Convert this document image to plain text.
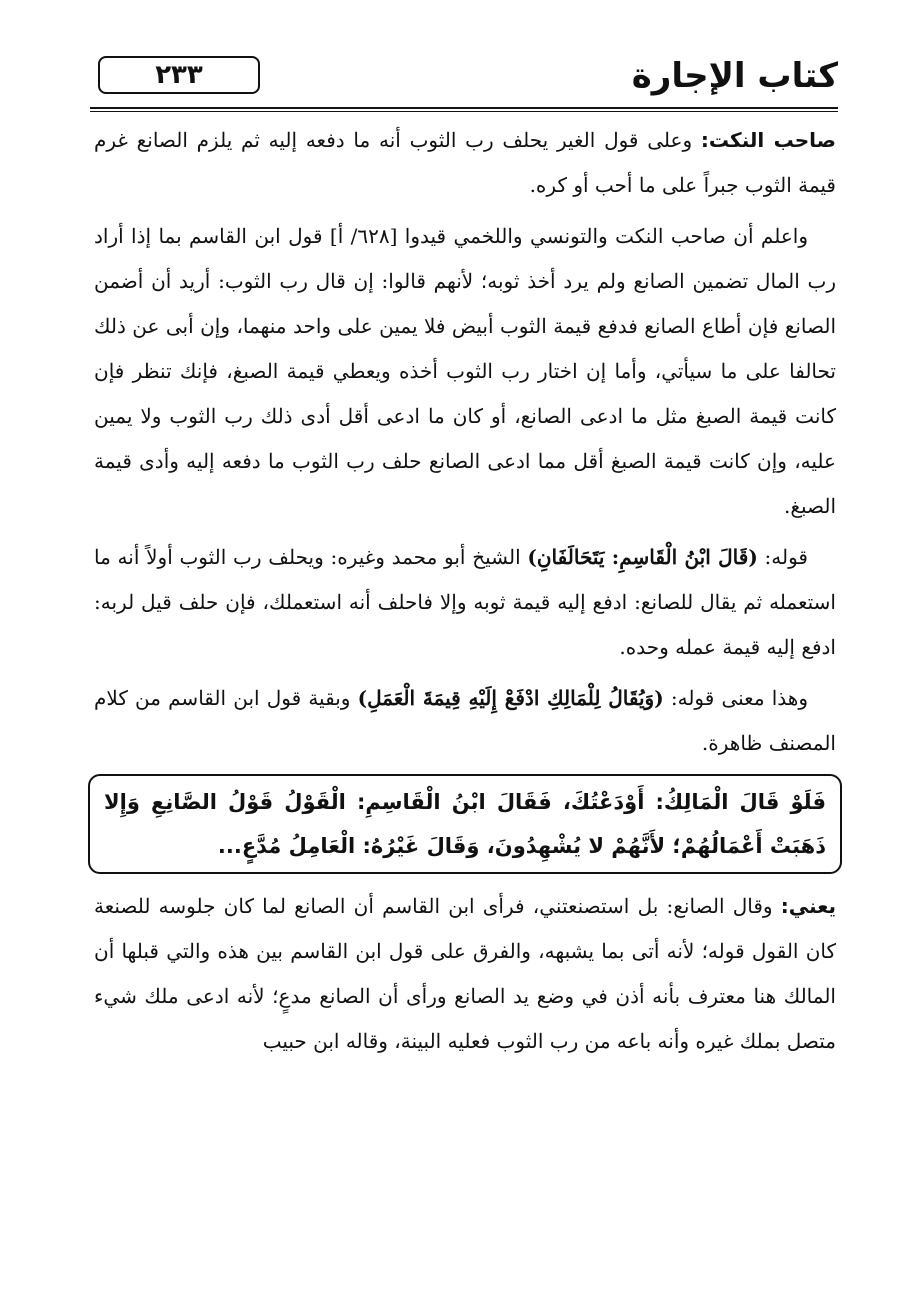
كتاب الإجارة
٢٣٣

صاحب النكت: وعلى قول الغير يحلف رب الثوب أنه ما دفعه إليه ثم يلزم الصانع غرم قيمة الثوب جبراً على ما أحب أو كره.

واعلم أن صاحب النكت والتونسي واللخمي قيدوا [٦٢٨/ أ] قول ابن القاسم بما إذا أراد رب المال تضمين الصانع ولم يرد أخذ ثوبه؛ لأنهم قالوا: إن قال رب الثوب: أريد أن أضمن الصانع فإن أطاع الصانع فدفع قيمة الثوب أبيض فلا يمين على واحد منهما، وإن أبى عن ذلك تحالفا على ما سيأتي، وأما إن اختار رب الثوب أخذه ويعطي قيمة الصبغ، فإنك تنظر فإن كانت قيمة الصبغ مثل ما ادعى الصانع، أو كان ما ادعى أقل أدى ذلك رب الثوب ولا يمين عليه، وإن كانت قيمة الصبغ أقل مما ادعى الصانع حلف رب الثوب ما دفعه إليه وأدى قيمة الصبغ.

قوله: (قَالَ ابْنُ الْقَاسِمِ: يَتَحَالَفَانِ) الشيخ أبو محمد وغيره: ويحلف رب الثوب أولاً أنه ما استعمله ثم يقال للصانع: ادفع إليه قيمة ثوبه وإلا فاحلف أنه استعملك، فإن حلف قيل لربه: ادفع إليه قيمة عمله وحده.

وهذا معنى قوله: (وَيُقَالُ لِلْمَالِكِ ادْفَعْ إِلَيْهِ قِيمَةَ الْعَمَلِ) وبقية قول ابن القاسم من كلام المصنف ظاهرة.

فَلَوْ قَالَ الْمَالِكُ: أَوْدَعْتُكَ، فَقَالَ ابْنُ الْقَاسِمِ: الْقَوْلُ قَوْلُ الصَّانِعِ وَإِلا ذَهَبَتْ أَعْمَالُهُمْ؛ لأَنَّهُمْ لا يُشْهِدُونَ، وَقَالَ غَيْرُهُ: الْعَامِلُ مُدَّعٍ...

يعني: وقال الصانع: بل استصنعتني، فرأى ابن القاسم أن الصانع لما كان جلوسه للصنعة كان القول قوله؛ لأنه أتى بما يشبهه، والفرق على قول ابن القاسم بين هذه والتي قبلها أن المالك هنا معترف بأنه أذن في وضع يد الصانع ورأى أن الصانع مدعٍ؛ لأنه ادعى ملك شيء متصل بملك غيره وأنه باعه من رب الثوب فعليه البينة، وقاله ابن حبيب
